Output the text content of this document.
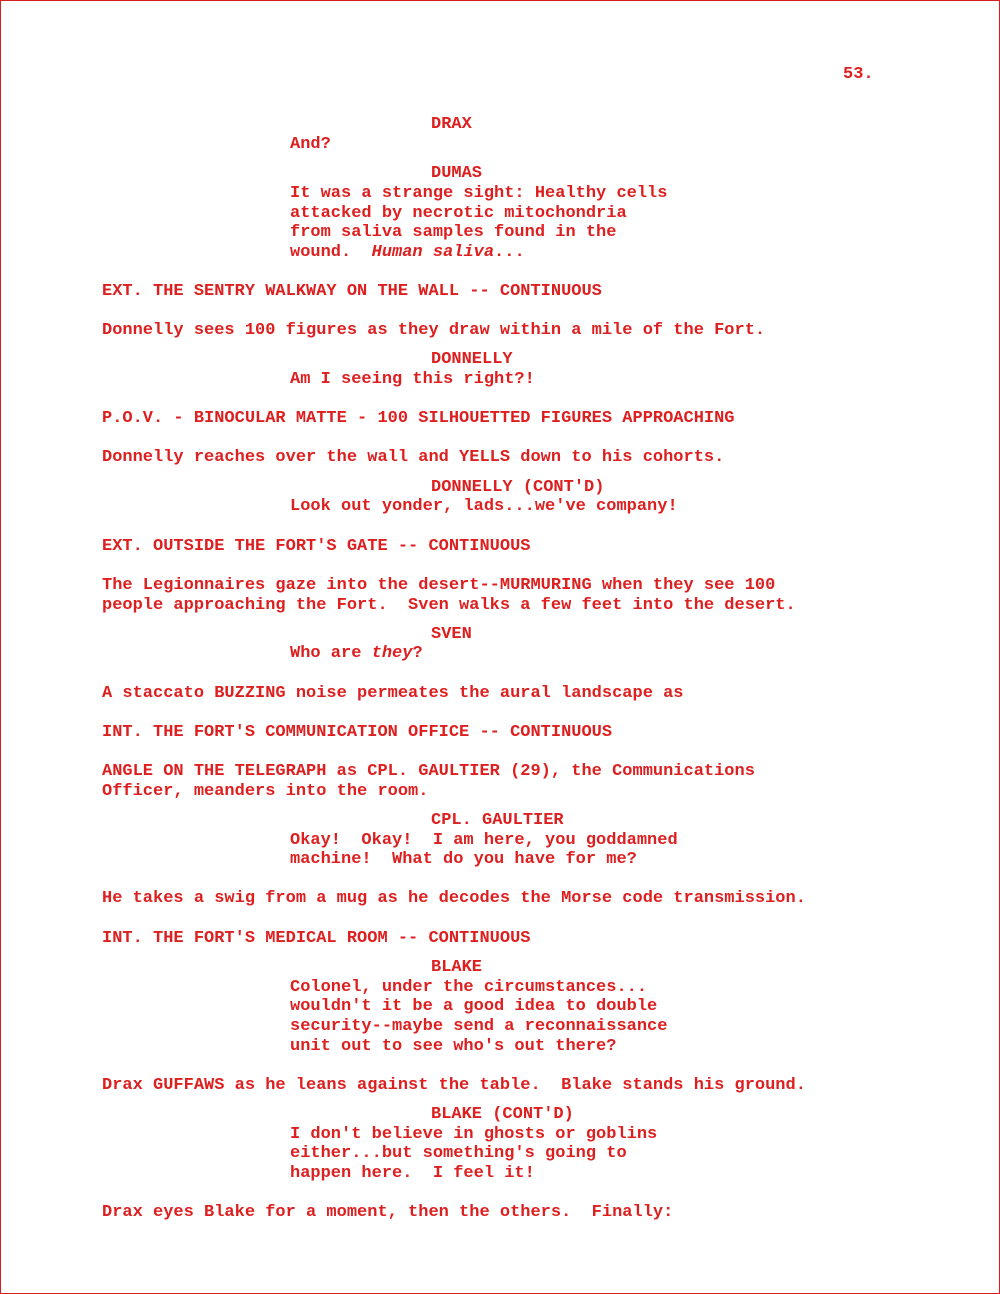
53.
DRAX
And?
DUMAS
It was a strange sight: Healthy cells
attacked by necrotic mitochondria
from saliva samples found in the
wound.  Human saliva...
EXT. THE SENTRY WALKWAY ON THE WALL -- CONTINUOUS
Donnelly sees 100 figures as they draw within a mile of the Fort.
DONNELLY
Am I seeing this right?!
P.O.V. - BINOCULAR MATTE - 100 SILHOUETTED FIGURES APPROACHING
Donnelly reaches over the wall and YELLS down to his cohorts.
DONNELLY (CONT'D)
Look out yonder, lads...we've company!
EXT. OUTSIDE THE FORT'S GATE -- CONTINUOUS
The Legionnaires gaze into the desert--MURMURING when they see 100
people approaching the Fort.  Sven walks a few feet into the desert.
SVEN
Who are they?
A staccato BUZZING noise permeates the aural landscape as
INT. THE FORT'S COMMUNICATION OFFICE -- CONTINUOUS
ANGLE ON THE TELEGRAPH as CPL. GAULTIER (29), the Communications
Officer, meanders into the room.
CPL. GAULTIER
Okay!  Okay!  I am here, you goddamned
machine!  What do you have for me?
He takes a swig from a mug as he decodes the Morse code transmission.
INT. THE FORT'S MEDICAL ROOM -- CONTINUOUS
BLAKE
Colonel, under the circumstances...
wouldn't it be a good idea to double
security--maybe send a reconnaissance
unit out to see who's out there?
Drax GUFFAWS as he leans against the table.  Blake stands his ground.
BLAKE (CONT'D)
I don't believe in ghosts or goblins
either...but something's going to
happen here.  I feel it!
Drax eyes Blake for a moment, then the others.  Finally:
